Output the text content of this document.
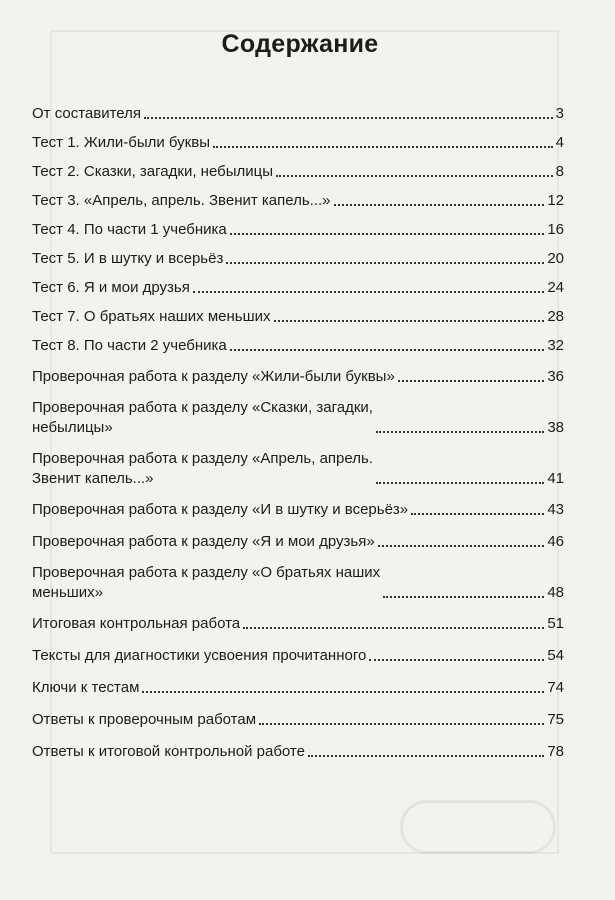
Содержание
От составителя	3
Тест 1. Жили-были буквы	4
Тест 2. Сказки, загадки, небылицы	8
Тест 3. «Апрель, апрель. Звенит капель...»	12
Тест 4. По части 1 учебника	16
Тест 5. И в шутку и всерьёз	20
Тест 6. Я и мои друзья	24
Тест 7. О братьях наших меньших	28
Тест 8. По части 2 учебника	32
Проверочная работа к разделу «Жили-были буквы»	36
Проверочная работа к разделу «Сказки, загадки,
небылицы»	38
Проверочная работа к разделу «Апрель, апрель.
Звенит капель...»	41
Проверочная работа к разделу «И в шутку и всерьёз»	43
Проверочная работа к разделу «Я и мои друзья»	46
Проверочная работа к разделу «О братьях наших
меньших»	48
Итоговая контрольная работа	51
Тексты для диагностики усвоения прочитанного	54
Ключи к тестам	74
Ответы к проверочным работам	75
Ответы к итоговой контрольной работе	78
